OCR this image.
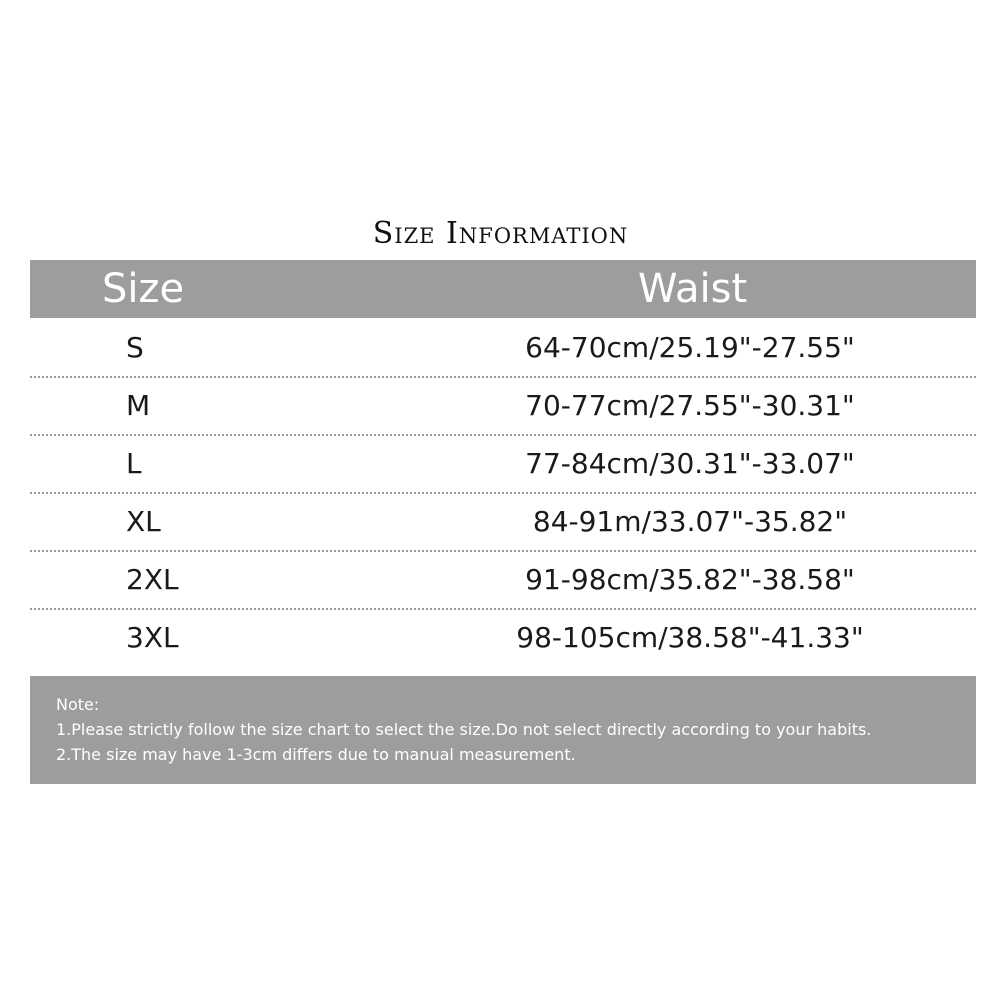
Size Information
Size	Waist
S	64-70cm/25.19"-27.55"
M	70-77cm/27.55"-30.31"
L	77-84cm/30.31"-33.07"
XL	84-91m/33.07"-35.82"
2XL	91-98cm/35.82"-38.58"
3XL	98-105cm/38.58"-41.33"
Note:
1.Please strictly follow the size chart to select the size.Do not select directly according to your habits.
2.The size may have 1-3cm differs due to manual measurement.
